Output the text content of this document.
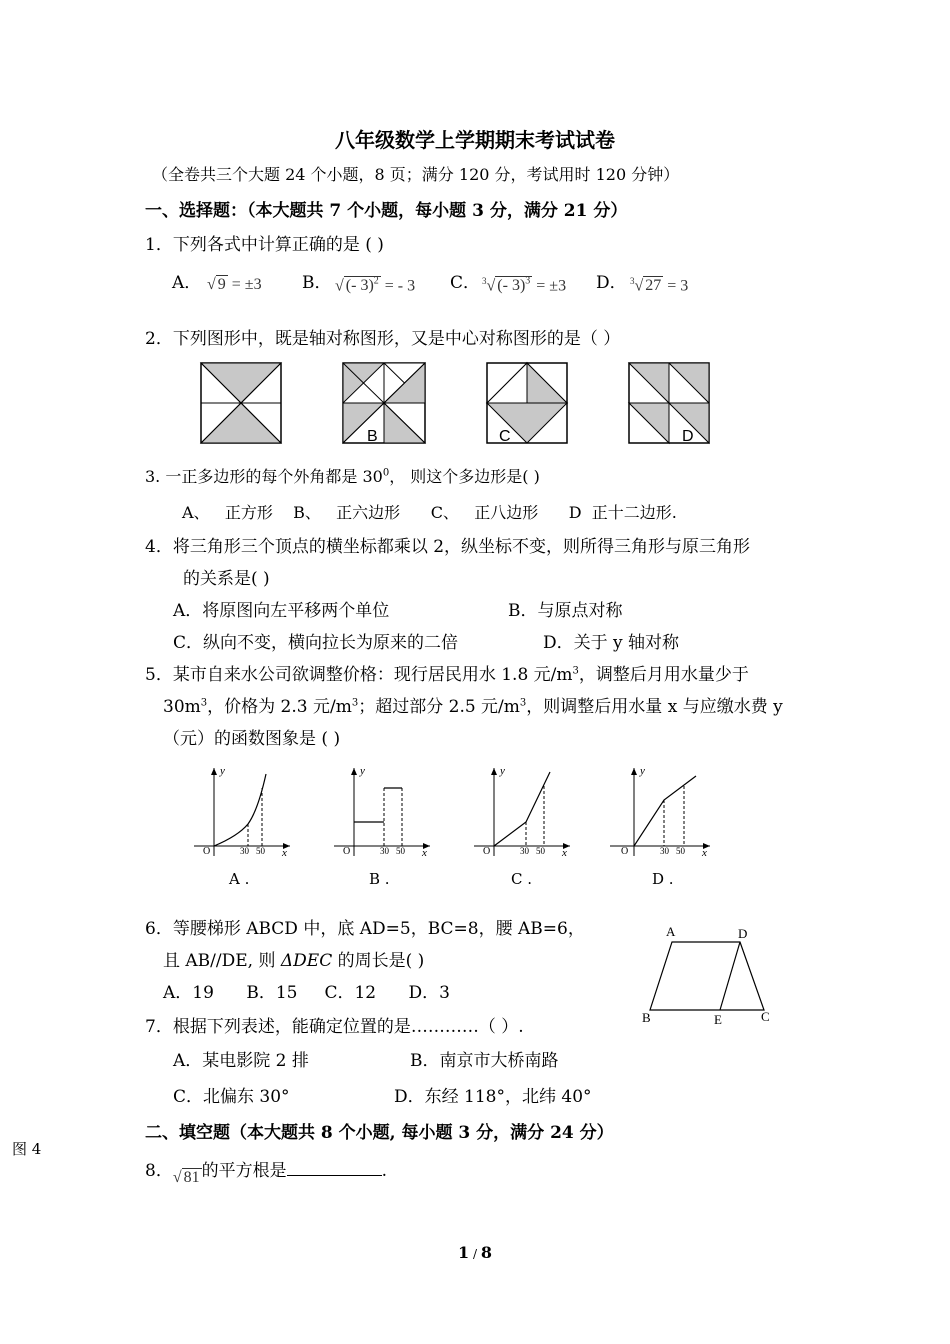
八年级数学上学期期末考试试卷
（全卷共三个大题 24 个小题，8 页；满分 120 分，考试用时 120 分钟）
一、选择题：（本大题共 7 个小题，每小题 3 分，满分 21 分）
1．下列各式中计算正确的是 ( )
A．	B．	C．	D．
√ 9 = ±3	√ (- 3)$^2$ = - 3	$^3$√ (- 3)$^3$ = ±3	$^3$√ 27 = 3
2．下列图形中，既是轴对称图形，又是中心对称图形的是（ ）
B	C	D
3. 一正多边形的每个外角都是 $30^0$， 则这个多边形是( )
A、   正方形    B、   正六边形      C、   正八边形      D  正十二边形.
4．将三角形三个顶点的横坐标都乘以 2，纵坐标不变，则所得三角形与原三角形
的关系是( )
A．将原图向左平移两个单位	B．与原点对称
C．纵向不变，横向拉长为原来的二倍	D．关于 y 轴对称
5．某市自来水公司欲调整价格：现行居民用水 1.8 元$/m^3$，调整后月用水量少于
$30m^3$，价格为 2.3 元$/m^3$；超过部分 2.5 元$/m^3$，则调整后用水量 x 与应缴水费 y
（元）的函数图象是 ( )
y
x
O	30 50
A .
y
x
O	30 50
B .
y
x
O	30 50
C .
y
x
O	30 50
D .
6．等腰梯形 ABCD 中，底 AD=5，BC=8，腰 AB=6，
且 AB//DE, 则 ΔDEC 的周长是( )
A．19      B．15     C．12      D．3
A	D
B	E	C
7．根据下列表述，能确定位置的是…………（ ）.
A．某电影院 2 排	B．南京市大桥南路
C．北偏东 30°	D．东经 118°，北纬 40°
二、填空题（本大题共 8 个小题, 每小题 3 分，满分 24 分）
图 4
8．√ 81 的平方根是	.
1 / 8
